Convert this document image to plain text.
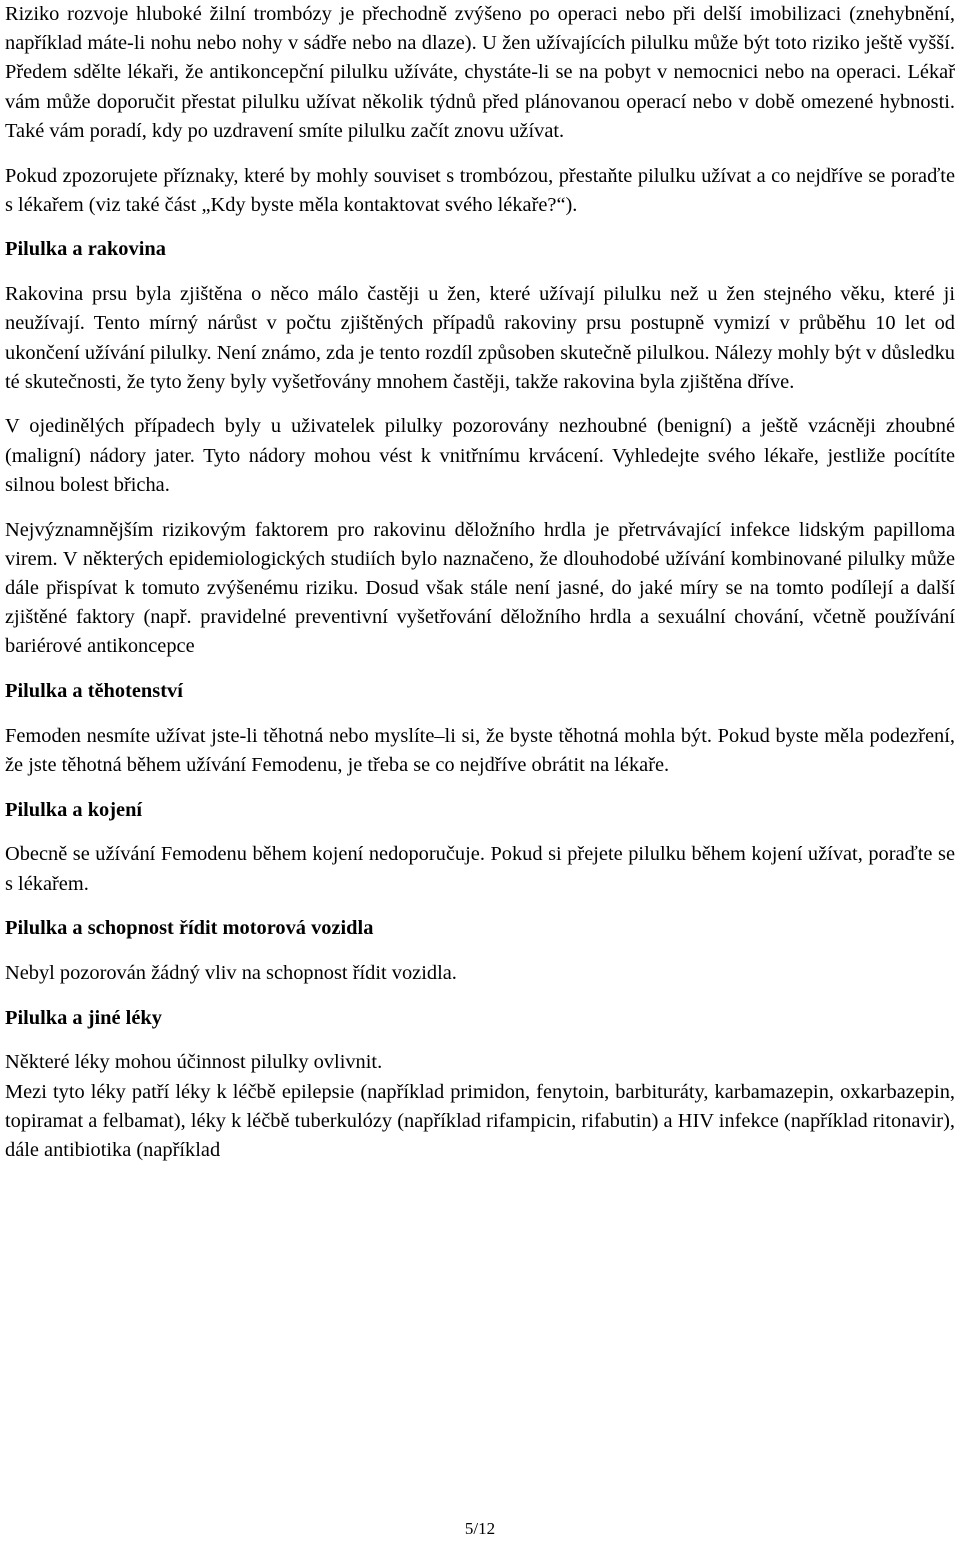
Riziko rozvoje hluboké žilní trombózy je přechodně zvýšeno po operaci nebo při delší imobilizaci (znehybnění, například máte-li nohu nebo nohy v sádře nebo na dlaze). U žen užívajících pilulku může být toto riziko ještě vyšší. Předem sdělte lékaři, že antikoncepční pilulku užíváte, chystáte-li se na pobyt v nemocnici nebo na operaci. Lékař vám může doporučit přestat pilulku užívat několik týdnů před plánovanou operací nebo v době omezené hybnosti. Také vám poradí, kdy po uzdravení smíte pilulku začít znovu užívat.

Pokud zpozorujete příznaky, které by mohly souviset s trombózou, přestaňte pilulku užívat a co nejdříve se poraďte s lékařem (viz také část „Kdy byste měla kontaktovat svého lékaře?“).

Pilulka a rakovina

Rakovina prsu byla zjištěna o něco málo častěji u žen, které užívají pilulku než u žen stejného věku, které ji neužívají. Tento mírný nárůst v počtu zjištěných případů rakoviny prsu postupně vymizí v průběhu 10 let od ukončení užívání pilulky. Není známo, zda je tento rozdíl způsoben skutečně pilulkou. Nálezy mohly být v důsledku té skutečnosti, že tyto ženy byly vyšetřovány mnohem častěji, takže rakovina byla zjištěna dříve.

V ojedinělých případech byly u uživatelek pilulky pozorovány nezhoubné (benigní) a ještě vzácněji zhoubné (maligní) nádory jater. Tyto nádory mohou vést k vnitřnímu krvácení. Vyhledejte svého lékaře, jestliže pocítíte silnou bolest břicha.

Nejvýznamnějším rizikovým faktorem pro rakovinu děložního hrdla je přetrvávající infekce lidským papilloma virem. V některých epidemiologických studiích bylo naznačeno, že dlouhodobé užívání kombinované pilulky může dále přispívat k tomuto zvýšenému riziku. Dosud však stále není jasné, do jaké míry se na tomto podílejí a další zjištěné faktory (např. pravidelné preventivní vyšetřování děložního hrdla a sexuální chování, včetně používání bariérové antikoncepce

Pilulka a těhotenství

Femoden nesmíte užívat jste-li těhotná nebo myslíte–li si, že byste těhotná mohla být. Pokud byste měla podezření, že jste těhotná během užívání Femodenu, je třeba se co nejdříve obrátit na lékaře.

Pilulka a kojení

Obecně se užívání Femodenu během kojení nedoporučuje. Pokud si přejete pilulku během kojení užívat, poraďte se s lékařem.

Pilulka a schopnost řídit motorová vozidla

Nebyl pozorován žádný vliv na schopnost řídit vozidla.

Pilulka a jiné léky

Některé léky mohou účinnost pilulky ovlivnit.

Mezi tyto léky patří léky k léčbě epilepsie (například primidon, fenytoin, barbituráty, karbamazepin, oxkarbazepin, topiramat a felbamat), léky k léčbě tuberkulózy (například rifampicin, rifabutin) a HIV infekce (například ritonavir), dále antibiotika (například

5/12
